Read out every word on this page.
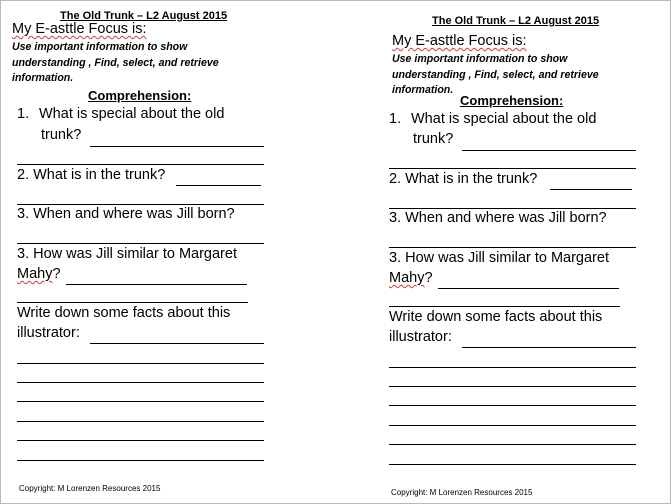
The Old Trunk – L2 August 2015
My E-asttle Focus is:
Use important information to show understanding , Find, select, and retrieve information.
Comprehension:
1. What is special about the old
trunk?
2. What is in the trunk?
3. When and where was Jill born?
3. How was Jill similar to Margaret
Mahy?
Write down some facts about this
illustrator:
Copyright: M Lorenzen Resources 2015
The Old Trunk – L2 August 2015
My E-asttle Focus is:
Use important information to show understanding , Find, select, and retrieve information.
Comprehension:
1. What is special about the old
trunk?
2. What is in the trunk?
3. When and where was Jill born?
3. How was Jill similar to Margaret
Mahy?
Write down some facts about this
illustrator:
Copyright: M Lorenzen Resources 2015
